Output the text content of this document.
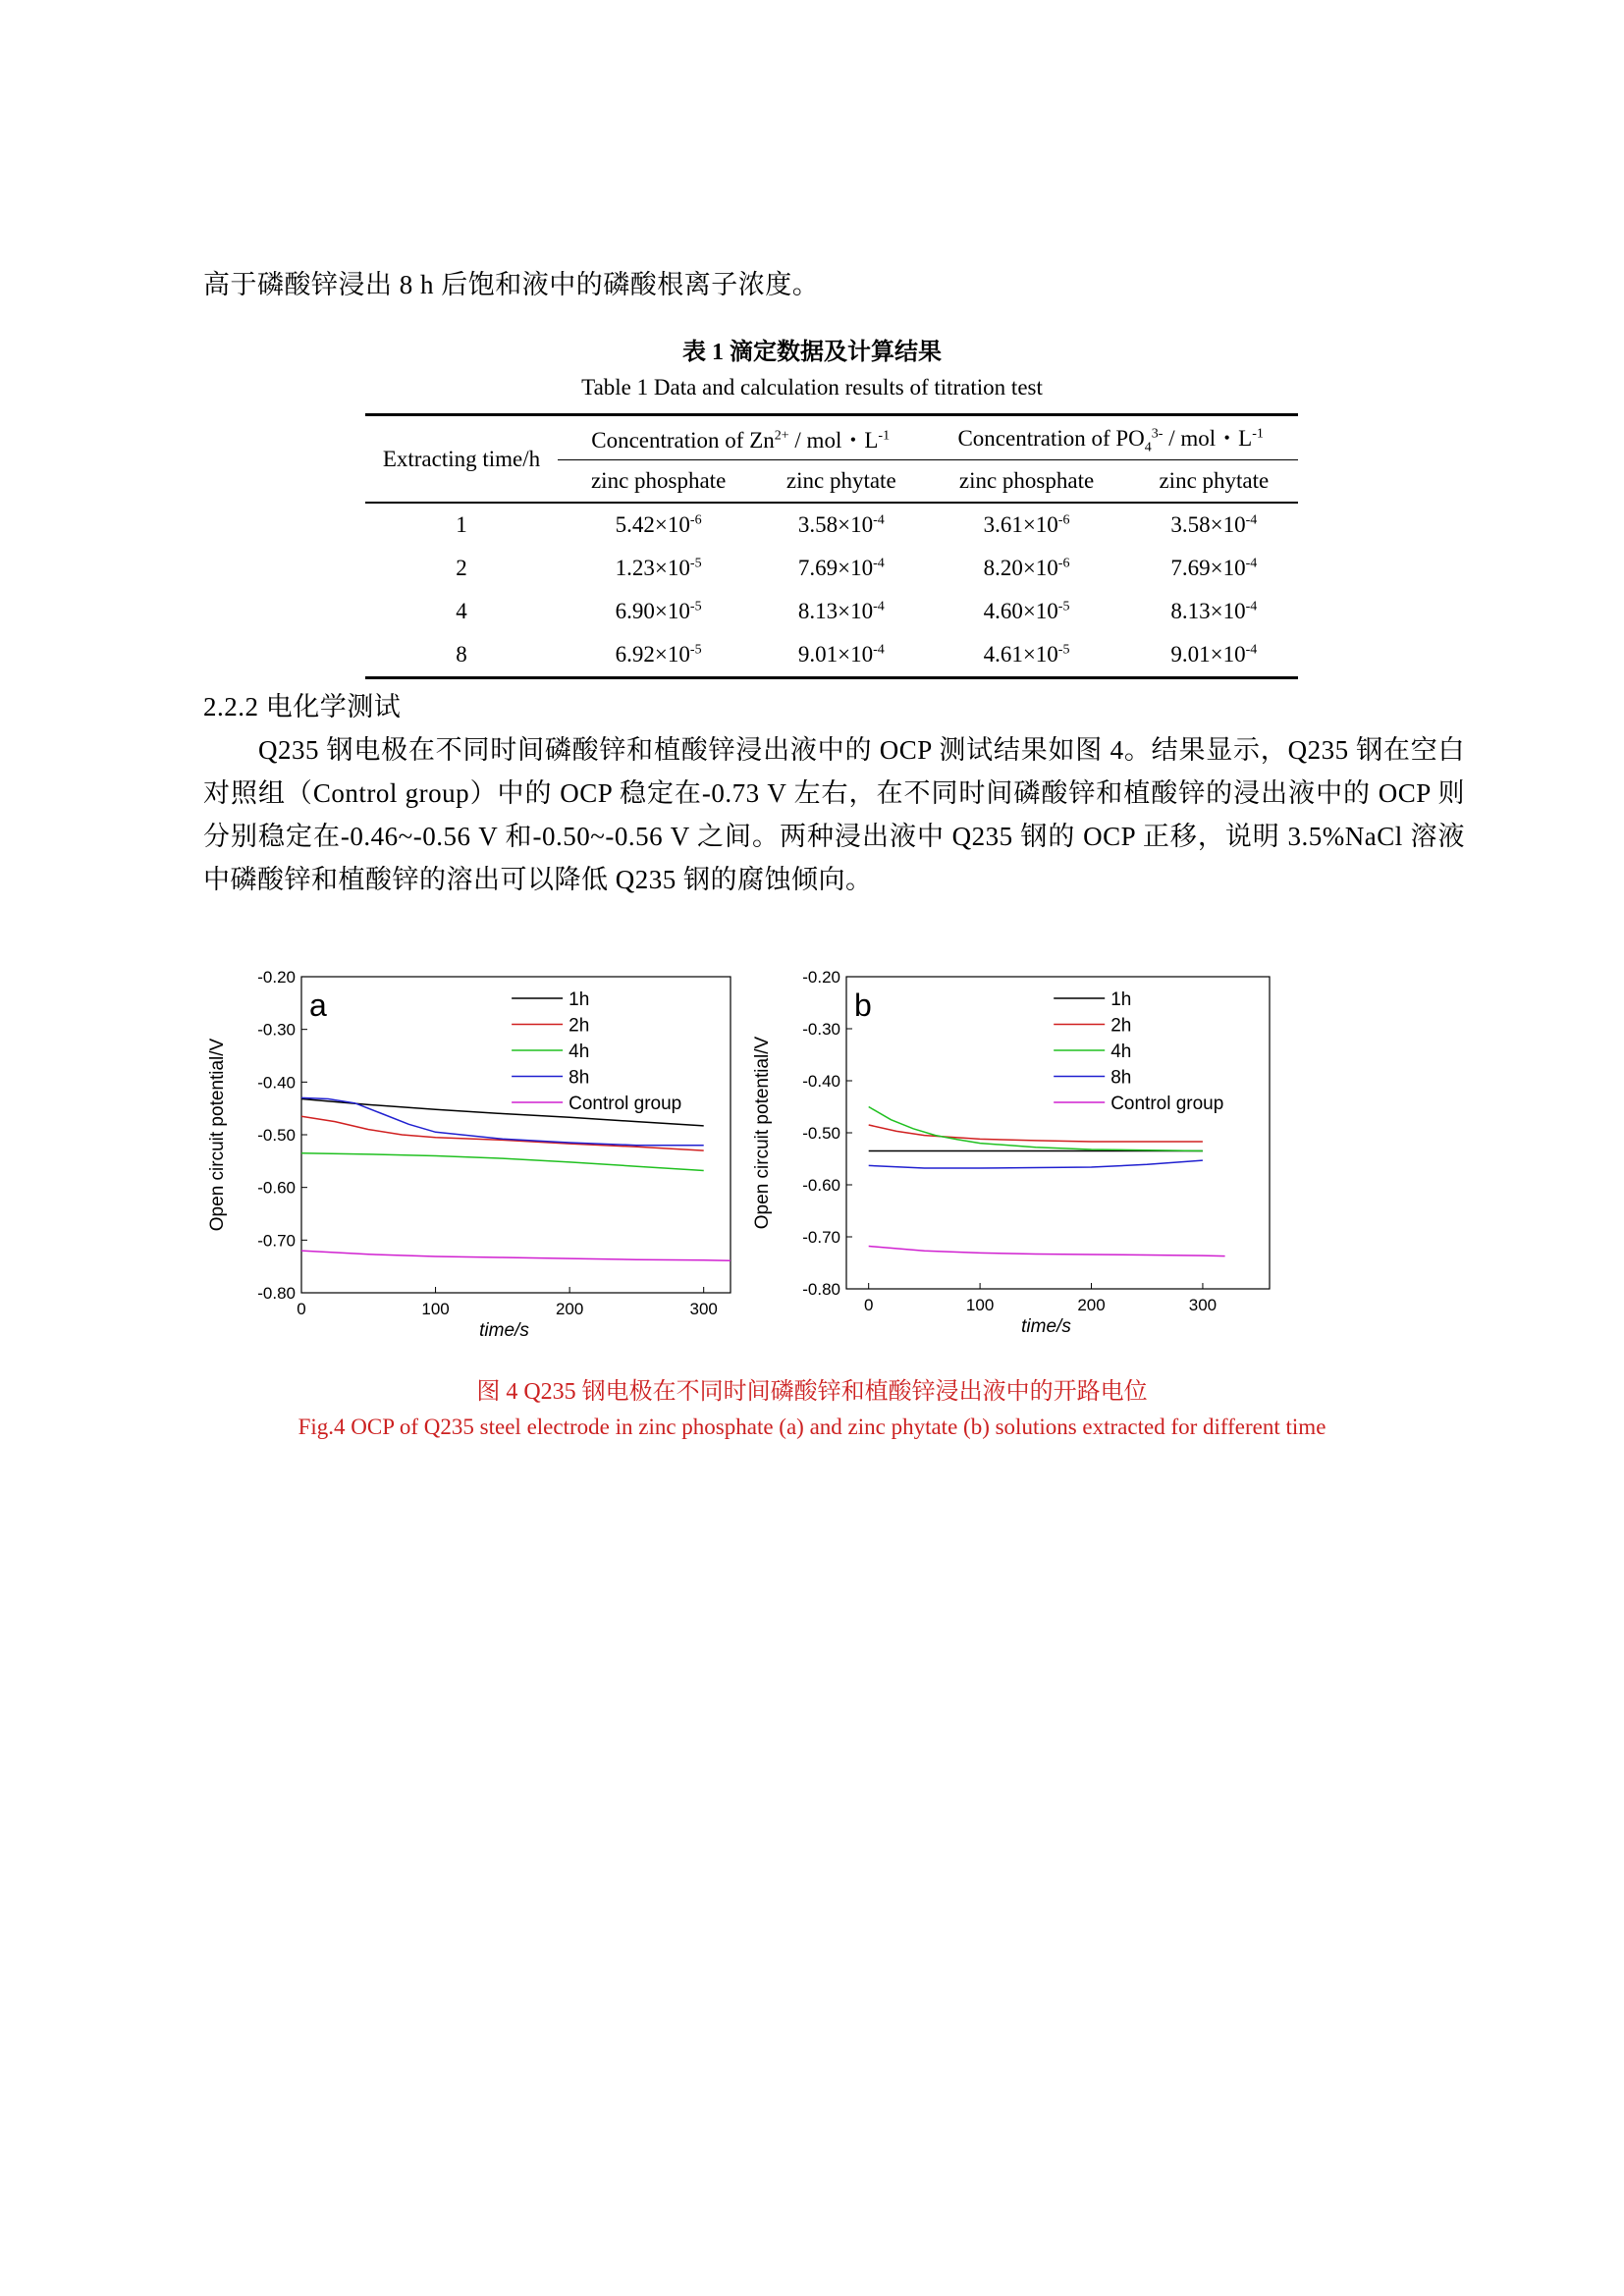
高于磷酸锌浸出 8 h 后饱和液中的磷酸根离子浓度。
表 1 滴定数据及计算结果
Table 1 Data and calculation results of titration test
Extracting time/h	Concentration of $Zn^{2+}$ / mol・$L^{-1}$		Concentration of $PO_4^{3-}$ / mol・$L^{-1}$
	zinc phosphate	zinc phytate	zinc phosphate	zinc phytate
1	$5.42\times 10^{-6}$	$3.58\times 10^{-4}$	$3.61\times 10^{-6}$	$3.58\times 10^{-4}$
2	$1.23\times 10^{-5}$	$7.69\times 10^{-4}$	$8.20\times 10^{-6}$	$7.69\times 10^{-4}$
4	$6.90\times 10^{-5}$	$8.13\times 10^{-4}$	$4.60\times 10^{-5}$	$8.13\times 10^{-4}$
8	$6.92\times 10^{-5}$	$9.01\times 10^{-4}$	$4.61\times 10^{-5}$	$9.01\times 10^{-4}$
2.2.2 电化学测试

Q235 钢电极在不同时间磷酸锌和植酸锌浸出液中的 OCP 测试结果如图 4。结果显示，Q235 钢在空白对照组（Control group）中的 OCP 稳定在-0.73 V 左右，在不同时间磷酸锌和植酸锌的浸出液中的 OCP 则分别稳定在-0.46~-0.56 V 和-0.50~-0.56 V 之间。两种浸出液中 Q235 钢的 OCP 正移，说明 3.5%NaCl 溶液中磷酸锌和植酸锌的溶出可以降低 Q235 钢的腐蚀倾向。

-0.20
-0.30
-0.40
-0.50
-0.60
-0.70
-0.80
0	100	200	300
time/s
Open circuit potential/V
a	1h
2h
4h
8h
Control group
-0.20
-0.30
-0.40
-0.50
-0.60
-0.70
-0.80
0	100	200	300
time/s
Open circuit potential/V
b	1h
2h
4h
8h
Control group
图 4 Q235 钢电极在不同时间磷酸锌和植酸锌浸出液中的开路电位
Fig.4 OCP of Q235 steel electrode in zinc phosphate (a) and zinc phytate (b) solutions extracted for different time
